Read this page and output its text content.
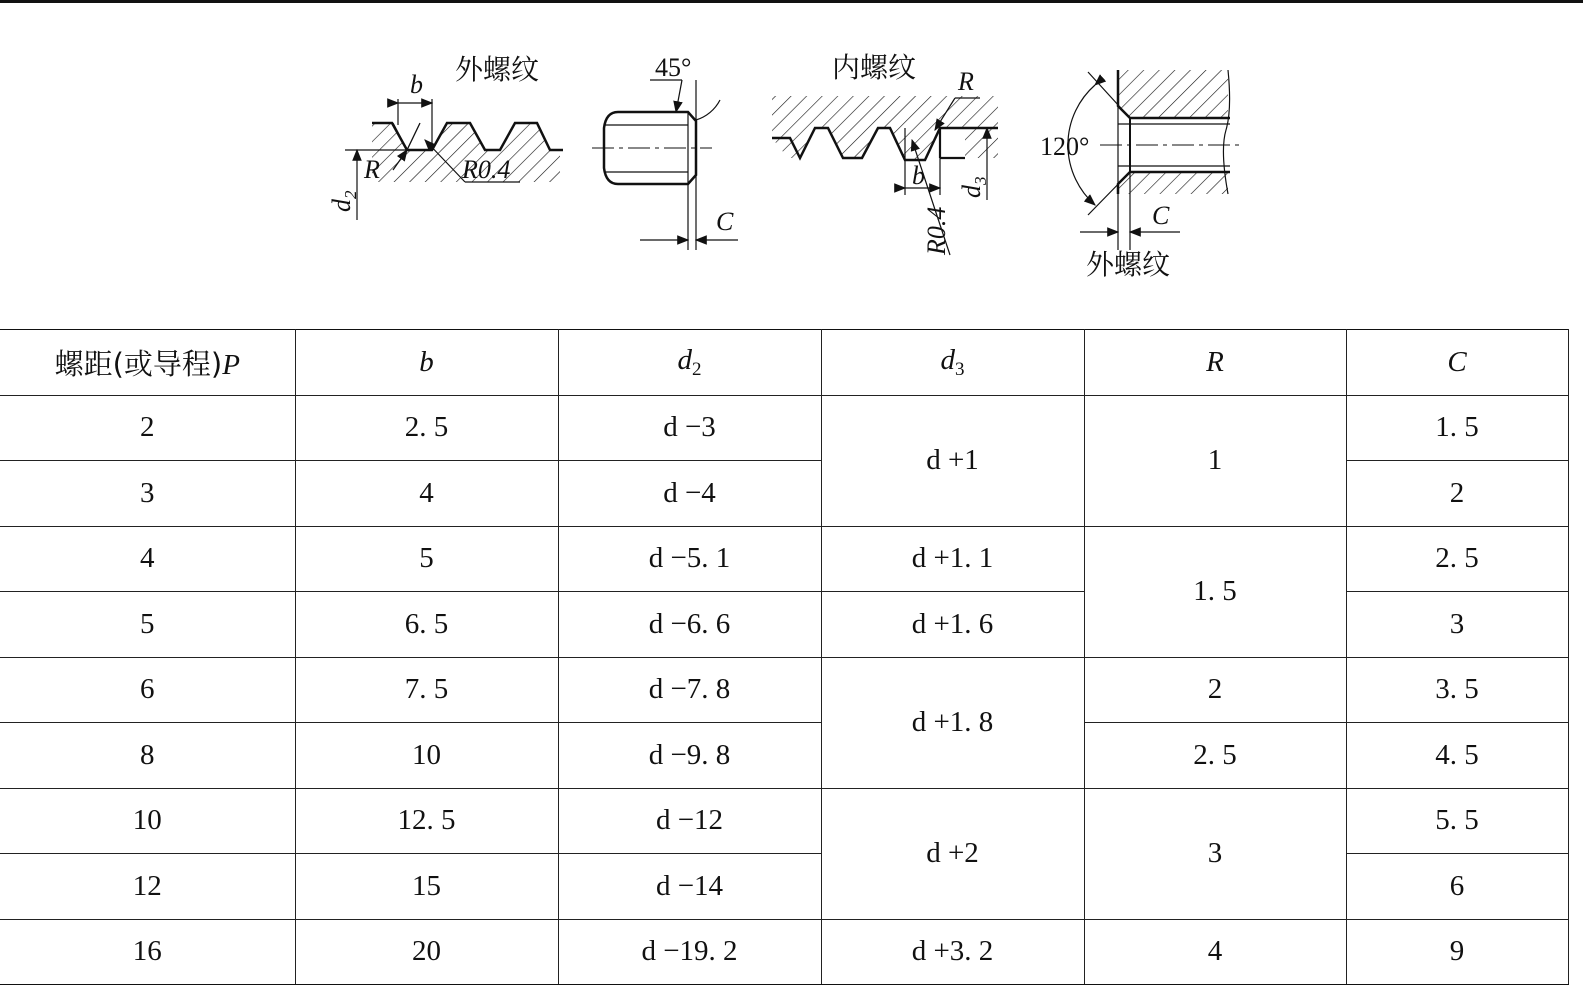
外螺纹
b
R	R0.4
$d_2$
45°
C
内螺纹 R
b
R0.4
$d_3$
120°
C
外螺纹
螺距(或导程)P	b	$d_2$	$d_3$	R	C
2	2. 5	d −3	d +1	1	1. 5
3	4	d −4			2
4	5	d −5. 1	d +1. 1	1. 5	2. 5
5	6. 5	d −6. 6	d +1. 6		3
6	7. 5	d −7. 8	d +1. 8	2	3. 5
8	10	d −9. 8		2. 5	4. 5
10	12. 5	d −12	d +2	3	5. 5
12	15	d −14			6
16	20	d −19. 2	d +3. 2	4	9
